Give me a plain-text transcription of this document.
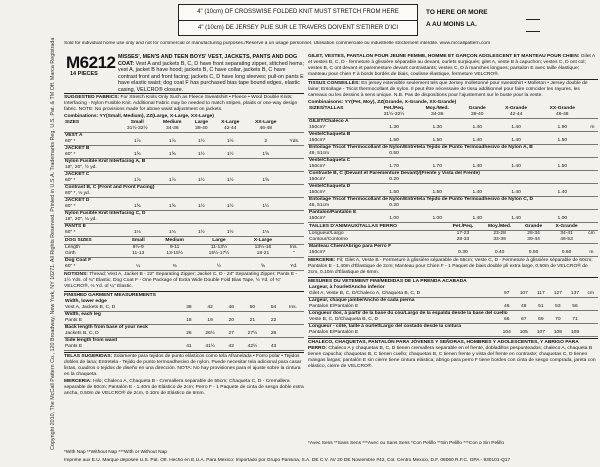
4" (10cm) OF CROSSWISE FOLDED KNIT MUST STRETCH FROM HERE
4" (10cm) DE JERSEY PLIE SUR LE TRAVERS DOIVENT S'ETIRER D'ICI
TO HERE OR MORE
A AU MOINS LA.
Sold for individual home use only and not for commercial or manufacturing purposes./Réservé à un usage personnel. Utilisation commerciale ou industrielle strictement interdite. www.mccallpattern.com
Copyright 2010, The McCall Pattern Co., 120 Broadway, New York, NY 10271. All Rights Reserved. Printed in U.S.A. Trademarks Reg. U.S. Pat. & TM Off. Marca Registrada M6212
14 PIECES
MISSES', MEN'S AND TEEN BOYS' VEST, JACKETS, PANTS AND DOG COAT: Vest A and jackets B, C, D have front separating zipper, stitched hems; vest A, jacket B have hood; jackets B, C have collar, jackets B, C have contrast front and front facing; jackets C, D have long sleeves; pull-on pants E have elastic waist; dog coat F has purchased bias tape bound edges, elastic casing, VELCRO® closure.
SUGGESTED FABRICS: For Stretch Knits Only Such as Fleece Sweatshirt • Fleece • Wool Double Knits; Interfacing - Nylon Fusible Knit. Additional Fabric may be needed to match stripes, plaids or one-way design fabric. NOTE: No provisions made for above waist adjustment on jackets.
Combinations: YY(Small, Medium), ZZ(Large, X-Large, XX-Large)
SIZES	Small	Medium	Large	X-Large	XX-Large	
	31½-32½	34-36	38-40	42-44	46-48	
VEST A						
60" *	1⅞	1⅞	1½	1½	2	Yds.
JACKET B						
60" *	1⅝	1⅝	1½	1½	1⅝	
Nylon Fusible Knit Interfacing A, B						
18", 20", ½ yd.						
JACKET C						
60" *	1⅞	1⅞	1½	1½	1⅝	
Contrast B, C (Front and Front Facing)						
60" *, ⅛ yd.						
JACKET D						
60" *	1⅝	1⅝	1½	1½	1½	
Nylon Fusible Knit Interfacing C, D						
18", 20", ⅛ yd.						
PANTS E						
60" *	1⅛	1⅛	1½	1½	1⅛	
DOG SIZES	Small	Medium	Large	X-Large	
Length	6½-9	9-11	11-13½	13½-16	Ins.
Girth	11-13	13-15½	15½-17½	18-21	"
Dog Coat F					
60" *	¼	⅜	½	⅝	Yd.
NOTIONS: Thread; Vest A, Jacket B - 22" Separating Zipper; Jacket C, D - 24" Separating Zipper; Pants E - 1½ Yds. of ¾" Elastic; Dog Coat F - One Package of Extra Wide Double Fold Bias Tape, ½ Yd. of ¾" VELCRO®, ⅛ Yd. of ¼" Elastic.
FINISHED GARMENT MEASUREMENTS
Width, lower edge						
Vest A, Jackets B, C, D	38	42	46	50	54	Ins.
Width, each leg						
Pants E	18	19	20	21	22	
Back length from base of your neck						
Jackets B, C, D	26	26½	27	27½	28	
Side length from waist						
Pants E	41	41½	42	42½	43	
TELAS SUGERIDAS: Solamente para tejidos de punto elásticos como tela Afranelada • Forro polar • Tejidos dobles de lana; Entretela - Tejido de punto termoadhesivo de nylon. Puede necesitar tela adicional para casar listas, cuadros o tejidos de diseño en una dirección. NOTA: No hay provisiones para el ajuste sobre la cintura en la chaqueta.
MERCERIA: Hilo; Chaleco A, Chaqueta B - Cremallera separable de 55cm; Chaqueta C, D - Cremallera separable de 60cm; Pantalón E - 1.40m de Elástico de 2cm; Perro F - 1 Paquete de cinta de sesgo doble extra ancha, 0.50m de VELCRO® de 2cm, 0.10m de Elástico de 6mm.
*With Nap **Without Nap ***With or Without Nap
GILET, VESTES, PANTALON POUR JEUNE FEMME, HOMME ET GARÇON ADOLESCENT ET MANTEAU POUR CHIEN: Gilet A et vestes B, C, D - fermeture à glissière séparable au devant, ourlets surpiqués; gilet A, veste B à capuchon; vestes C, D ont col; vestes B, C ont devant et parementure devant contrastants; vestes C, D à manches longues; pantalon E avec taille élastique; manteau pour chien F à bords bordés de biais, coulisse élastique, fermeture VELCRO®.
TISSUS CONSEILLÉS: En jersey extensible seulement tels que Jersey molletonné pour sweatshirt • Molleton • Jersey double de laine; Entoilage - Tricot thermocollant de nylon. Il peut être nécessaire de tissu additionnel pour faire coïncider les rayures, les carreaux ou les dessins à sens unique. N.B. Pas de dispositions pour l'ajustement sur le buste pour la veste.
Combinaisons: YY(Pet, Moy), ZZ(Grande, X-Grande, XX-Grande)
SIZES/TALLAS	Pet./Peq.	Moy./Med.	Grande	X-Grande	XX-Grande	
	31½-32½	34-36	38-40	42-44	46-48	
GILET/Chaleco A						
150cm*	1.30	1.30	1.40	1.40	1.90	m
Veste/Chaqueta B						
150cm*	1.50	1.50	1.40	1.40	1.50	
Entoilage Tricot Thermocollant de Nylon/Entretela Tejido de Punto Termoadhesivo de Nylon A, B						
46, 51cm	0.50					
Veste/Chaqueta C						
150cm*	1.70	1.70	1.40	1.40	1.50	
Contraste B, C (Devant et Parementure Devant)/(Frente y Vista del Frente)						
150cm*	0.20					
Veste/Chaqueta D						
150cm*	1.50	1.50	1.40	1.40	1.40	
Entoilage Tricot Thermocollant de Nylon/Entretela Tejido de Punto Termoadhesivo de Nylon C, D						
46, 51cm	0.20					
Pantalon/Pantalón E						
150cm*	1.00	1.00	1.40	1.40	1.00	
TAILLES D'ANIMAUX/TALLAS PERRO	Pet./Peq.	Moy./Med.	Grande	X-Grande	
Longueur/Largo	17-23	23-28	28-34	34-41	cm
Contour/Contorno	28-33	33-39	39-44	46-53	
Manteau Chien/Abrigo para Perro F					
150cm*	0.30	0.40	0.50	0.60	m
MERCERIE: Fil; Gilet A, Veste B - Fermeture à glissière séparable de 55cm; Veste C, D - Fermeture à glissière séparable de 60cm; Pantalon E - 1.40m d'Élastique de 2cm; Manteau pour Chien F - 1 Paquet de biais double pli extra large, 0.50m de VELCRO® de 2cm, 0.10m d'Élastique de 6mm.
MESURES DU VETEMENT FINI/MEDIDAS DE LA PRENDA ACABADA
Largeur, à l'ourlet/Ancho inferior						
Gilet A, Veste B, C, D/Chaleco A, Chaqueta B, C, D	97	107	117	127	137	cm
Largeur, chaque jambe/Ancho de cada pierna						
Pantalon E/Pantalón E	46	48	51	53	56	
Longueur dos, à partir de la base du cou/Largo de la espalda desde la base del cuello						
Veste B, C, D/Chaqueta B, C, D	66	67	69	70	71	
Longueur - côté, taille à ourlet/Largo del costado desde la cintura						
Pantalon E/Pantalón E	104	105	107	108	109	
CHALECO, CHAQUETAS, PANTALÓN PARA JÓVENES Y SEÑORAS, HOMBRES Y ADOLESCENTES, Y ABRIGO PARA PERRO: Chaleco A y chaquetas B, C, D tienen cremallera separable en el frente, dobladillos pespunteados; chaleco A, chaqueta B tienen capucha; chaquetas B, C tienen cuello; chaquetas B, C tienen frente y vista del frente en contraste; chaquetas C, D tienen mangas largas; pantalón E sin cierre tiene cintura elástica; abrigo para perro F tiene bordes con cinta de sesgo comprada, jareta con elástico, cierre de VELCRO®.
*Avec Sens **Sans Sens ***Avec ou Sans Sens *Con Pelillo **Sin Pelillo ***Con o Sin Pelillo
Imprimé aux E.U. Marque déposée U.S. Pat. Off. Hecho en E.U.A. Para México: Importado por Grupo Parisina, S.A. DE C.V. AV 20 DE Noviembre #42, Col. Centro Mexico, D.F. 08060 R.F.C. GPA - 930101-Q17
